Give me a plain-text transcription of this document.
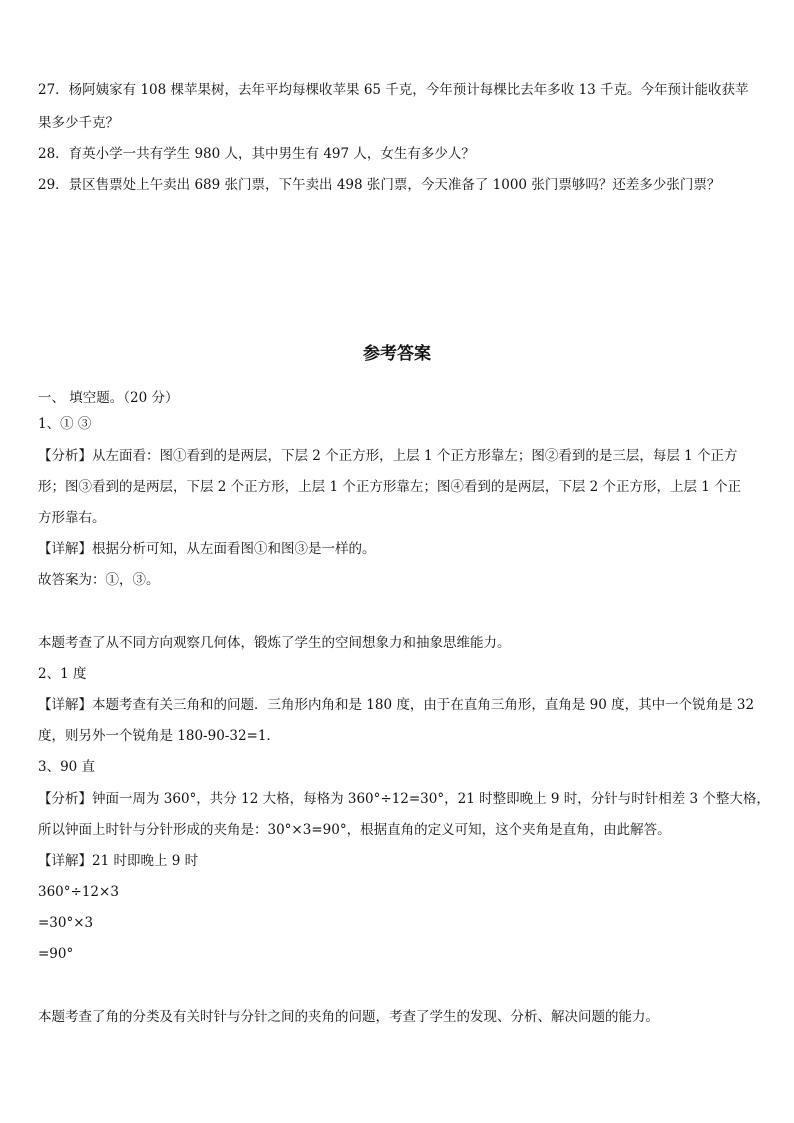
27．杨阿姨家有 108 棵苹果树，去年平均每棵收苹果 65 千克，今年预计每棵比去年多收 13 千克。今年预计能收获苹
果多少千克？
28．育英小学一共有学生 980 人，其中男生有 497 人，女生有多少人？
29．景区售票处上午卖出 689 张门票，下午卖出 498 张门票，今天准备了 1000 张门票够吗？还差多少张门票？
参考答案
一、 填空题。（20 分）
1、① ③
【分析】从左面看：图①看到的是两层，下层 2 个正方形，上层 1 个正方形靠左；图②看到的是三层，每层 1 个正方
形；图③看到的是两层，下层 2 个正方形，上层 1 个正方形靠左；图④看到的是两层，下层 2 个正方形，上层 1 个正
方形靠右。
【详解】根据分析可知，从左面看图①和图③是一样的。
故答案为：①，③。
本题考查了从不同方向观察几何体，锻炼了学生的空间想象力和抽象思维能力。
2、1 度
【详解】本题考查有关三角和的问题．三角形内角和是 180 度，由于在直角三角形，直角是 90 度，其中一个锐角是 32
度，则另外一个锐角是 180-90-32=1．
3、90 直
【分析】钟面一周为 360°，共分 12 大格，每格为 360°÷12=30°，21 时整即晚上 9 时，分针与时针相差 3 个整大格，
所以钟面上时针与分针形成的夹角是：30°×3=90°，根据直角的定义可知，这个夹角是直角，由此解答。
【详解】21 时即晚上 9 时
360°÷12×3
=30°×3
=90°
本题考查了角的分类及有关时针与分针之间的夹角的问题，考查了学生的发现、分析、解决问题的能力。
